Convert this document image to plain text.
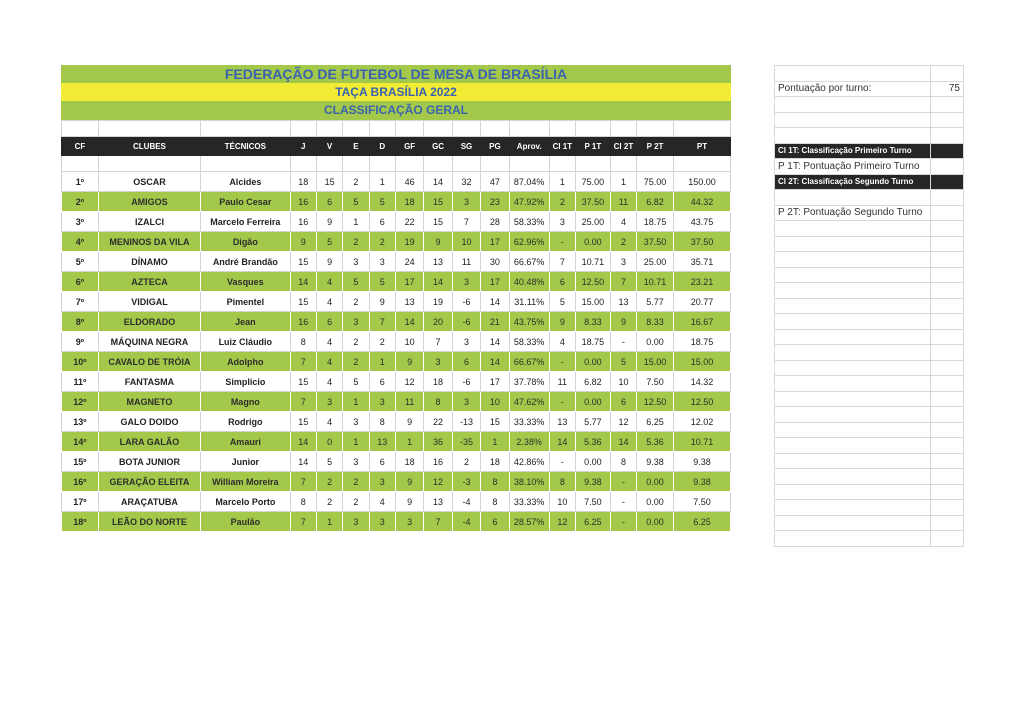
FEDERAÇÃO DE FUTEBOL DE MESA DE BRASÍLIA
TAÇA BRASÍLIA 2022
CLASSIFICAÇÃO GERAL

CF	CLUBES	TÉCNICOS	J	V	E	D	GF	GC	SG	PG	Aprov.	Cl 1T	P 1T	Cl 2T	P 2T	PT

1º	OSCAR	Alcides	18	15	2	1	46	14	32	47	87.04%	1	75.00	1	75.00	150.00
2º	AMIGOS	Paulo Cesar	16	6	5	5	18	15	3	23	47.92%	2	37.50	11	6.82	44.32
3º	IZALCI	Marcelo Ferreira	16	9	1	6	22	15	7	28	58.33%	3	25.00	4	18.75	43.75
4º	MENINOS DA VILA	Digão	9	5	2	2	19	9	10	17	62.96%	-	0.00	2	37.50	37.50
5º	DÍNAMO	André Brandão	15	9	3	3	24	13	11	30	66.67%	7	10.71	3	25.00	35.71
6º	AZTECA	Vasques	14	4	5	5	17	14	3	17	40.48%	6	12.50	7	10.71	23.21
7º	VIDIGAL	Pimentel	15	4	2	9	13	19	-6	14	31.11%	5	15.00	13	5.77	20.77
8º	ELDORADO	Jean	16	6	3	7	14	20	-6	21	43.75%	9	8.33	9	8.33	16.67
9º	MÁQUINA NEGRA	Luiz Cláudio	8	4	2	2	10	7	3	14	58.33%	4	18.75	-	0.00	18.75
10º	CAVALO DE TRÓIA	Adolpho	7	4	2	1	9	3	6	14	66.67%	-	0.00	5	15.00	15.00
11º	FANTASMA	Simplicio	15	4	5	6	12	18	-6	17	37.78%	11	6.82	10	7.50	14.32
12º	MAGNETO	Magno	7	3	1	3	11	8	3	10	47.62%	-	0.00	6	12.50	12.50
13º	GALO DOIDO	Rodrigo	15	4	3	8	9	22	-13	15	33.33%	13	5.77	12	6.25	12.02
14º	LARA GALÃO	Amauri	14	0	1	13	1	36	-35	1	2.38%	14	5.36	14	5.36	10.71
15º	BOTA JUNIOR	Junior	14	5	3	6	18	16	2	18	42.86%	-	0.00	8	9.38	9.38
16º	GERAÇÃO ELEITA	William Moreira	7	2	2	3	9	12	-3	8	38.10%	8	9.38	-	0.00	9.38
17º	ARAÇATUBA	Marcelo Porto	8	2	2	4	9	13	-4	8	33.33%	10	7.50	-	0.00	7.50
18º	LEÃO DO NORTE	Paulão	7	1	3	3	3	7	-4	6	28.57%	12	6.25	-	0.00	6.25

Pontuação por turno:	75

Cl 1T: Classificação Primeiro Turno	
P 1T: Pontuação Primeiro Turno	
Cl 2T: Classificação Segundo Turno	

P 2T: Pontuação Segundo Turno	
